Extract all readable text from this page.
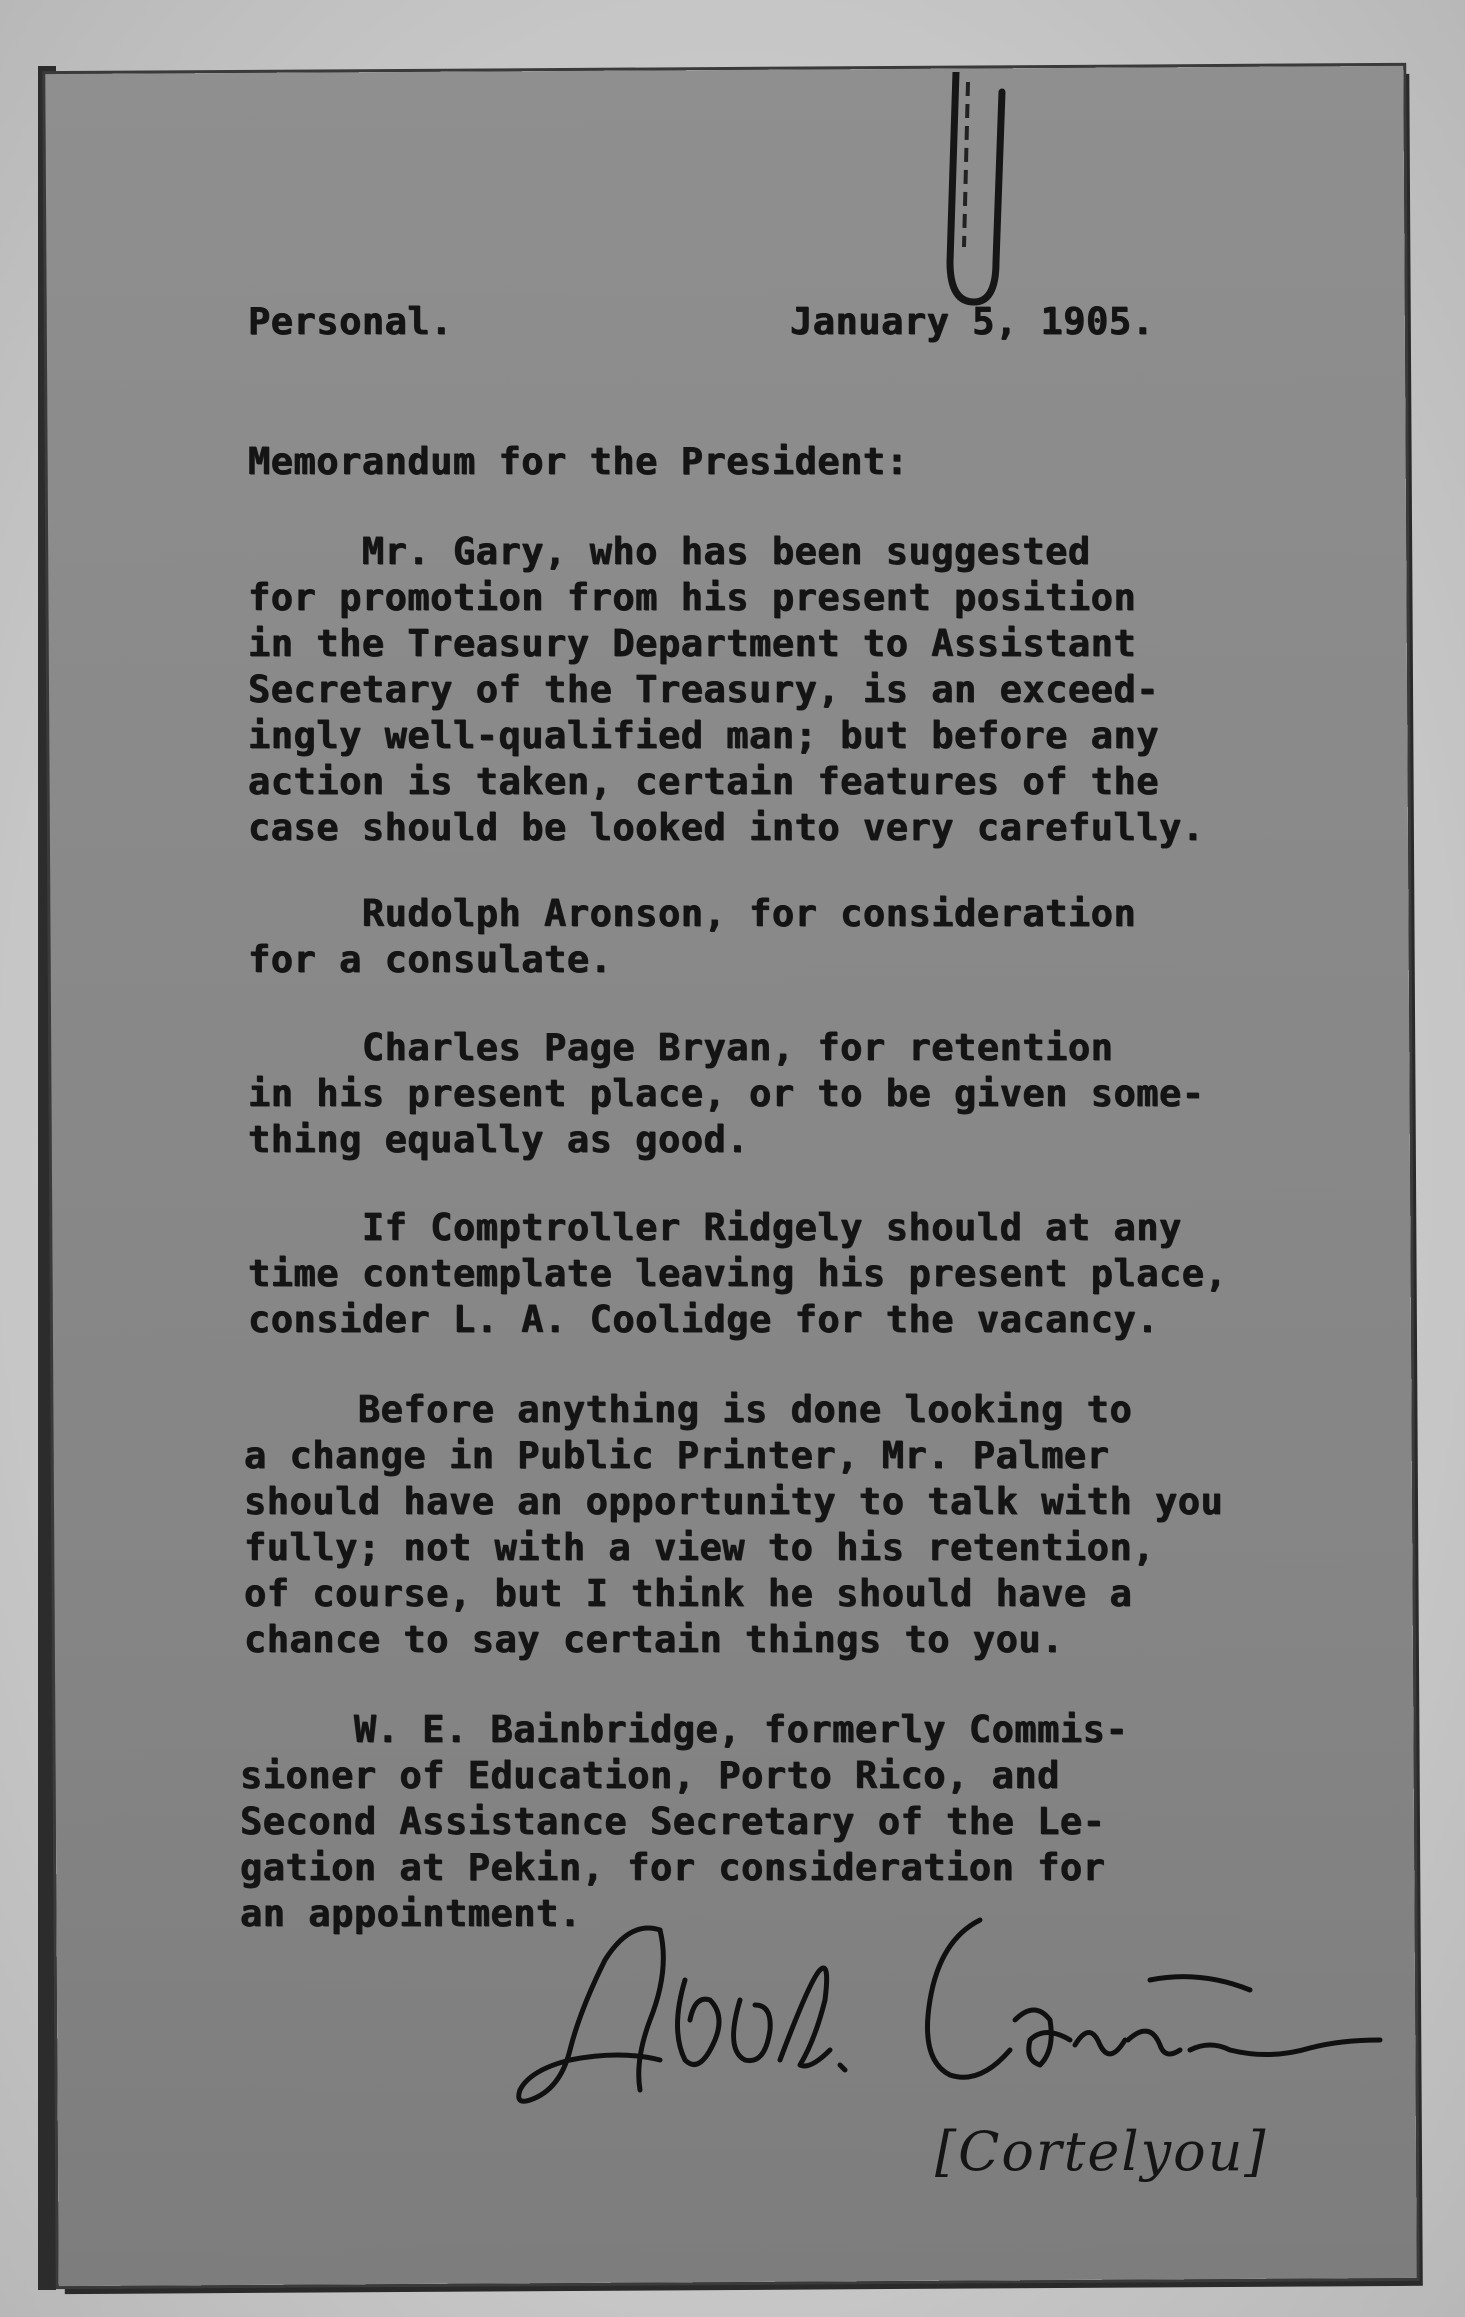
Personal.	January 5, 1905.
Memorandum for the President:
Mr. Gary, who has been suggested
for promotion from his present position
in the Treasury Department to Assistant
Secretary of the Treasury, is an exceed-
ingly well-qualified man; but before any
action is taken, certain features of the
case should be looked into very carefully.
Rudolph Aronson, for consideration
for a consulate.
Charles Page Bryan, for retention
in his present place, or to be given some-
thing equally as good.
If Comptroller Ridgely should at any
time contemplate leaving his present place,
consider L. A. Coolidge for the vacancy.
Before anything is done looking to
a change in Public Printer, Mr. Palmer
should have an opportunity to talk with you
fully; not with a view to his retention,
of course, but I think he should have a
chance to say certain things to you.
W. E. Bainbridge, formerly Commis-
sioner of Education, Porto Rico, and
Second Assistance Secretary of the Le-
gation at Pekin, for consideration for
an appointment.
[Cortelyou]
